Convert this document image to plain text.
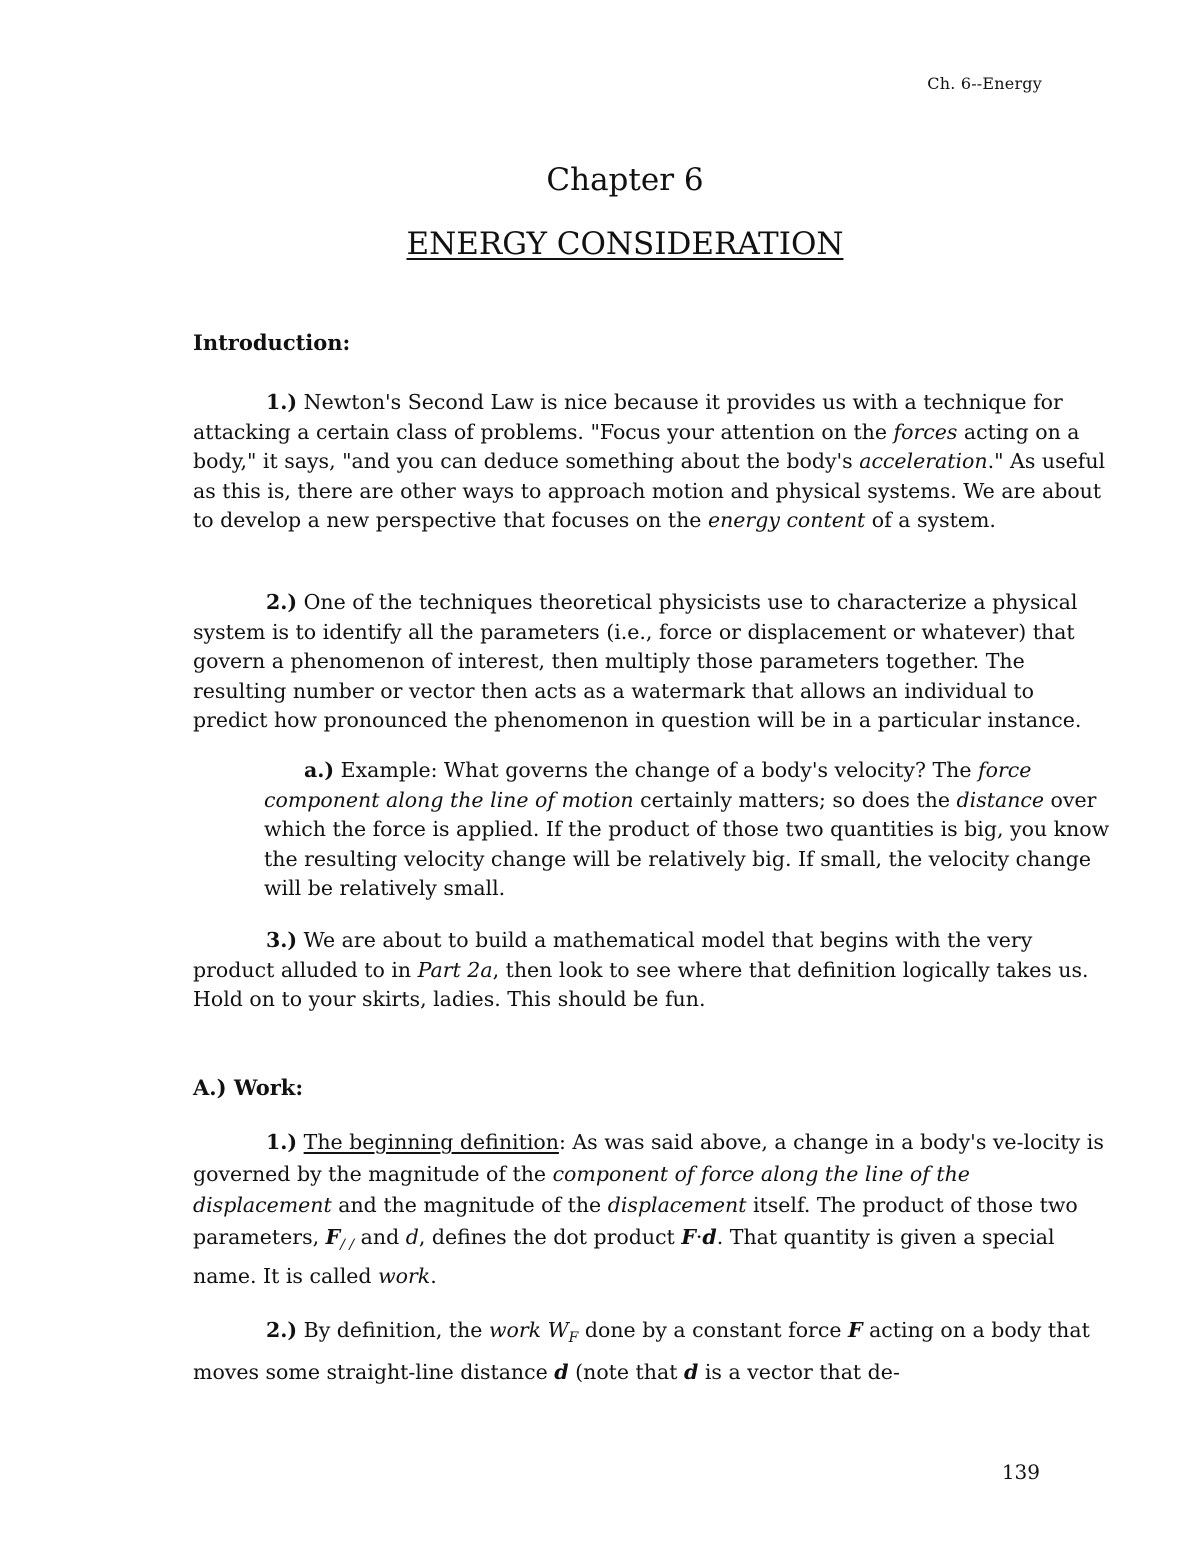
Ch. 6--Energy
Chapter 6
ENERGY CONSIDERATION
Introduction:

1.) Newton's Second Law is nice because it provides us with a technique for attacking a certain class of problems. "Focus your attention on the forces acting on a body," it says, "and you can deduce something about the body's acceleration." As useful as this is, there are other ways to approach motion and physical systems. We are about to develop a new perspective that focuses on the energy content of a system.

2.) One of the techniques theoretical physicists use to characterize a physical system is to identify all the parameters (i.e., force or displacement or whatever) that govern a phenomenon of interest, then multiply those parameters together. The resulting number or vector then acts as a watermark that allows an individual to predict how pronounced the phenomenon in question will be in a particular instance.

a.) Example: What governs the change of a body's velocity? The force component along the line of motion certainly matters; so does the distance over which the force is applied. If the product of those two quantities is big, you know the resulting velocity change will be relatively big. If small, the velocity change will be relatively small.

3.) We are about to build a mathematical model that begins with the very product alluded to in Part 2a, then look to see where that definition logically takes us. Hold on to your skirts, ladies. This should be fun.

A.) Work:

1.) The beginning definition: As was said above, a change in a body's ve-locity is governed by the magnitude of the component of force along the line of the displacement and the magnitude of the displacement itself. The product of those two parameters, $F_{/ /}$ and d, defines the dot product F·d. That quantity is given a special name. It is called work.

2.) By definition, the work $W_F$ done by a constant force F acting on a body that moves some straight-line distance d (note that d is a vector that de-

139
